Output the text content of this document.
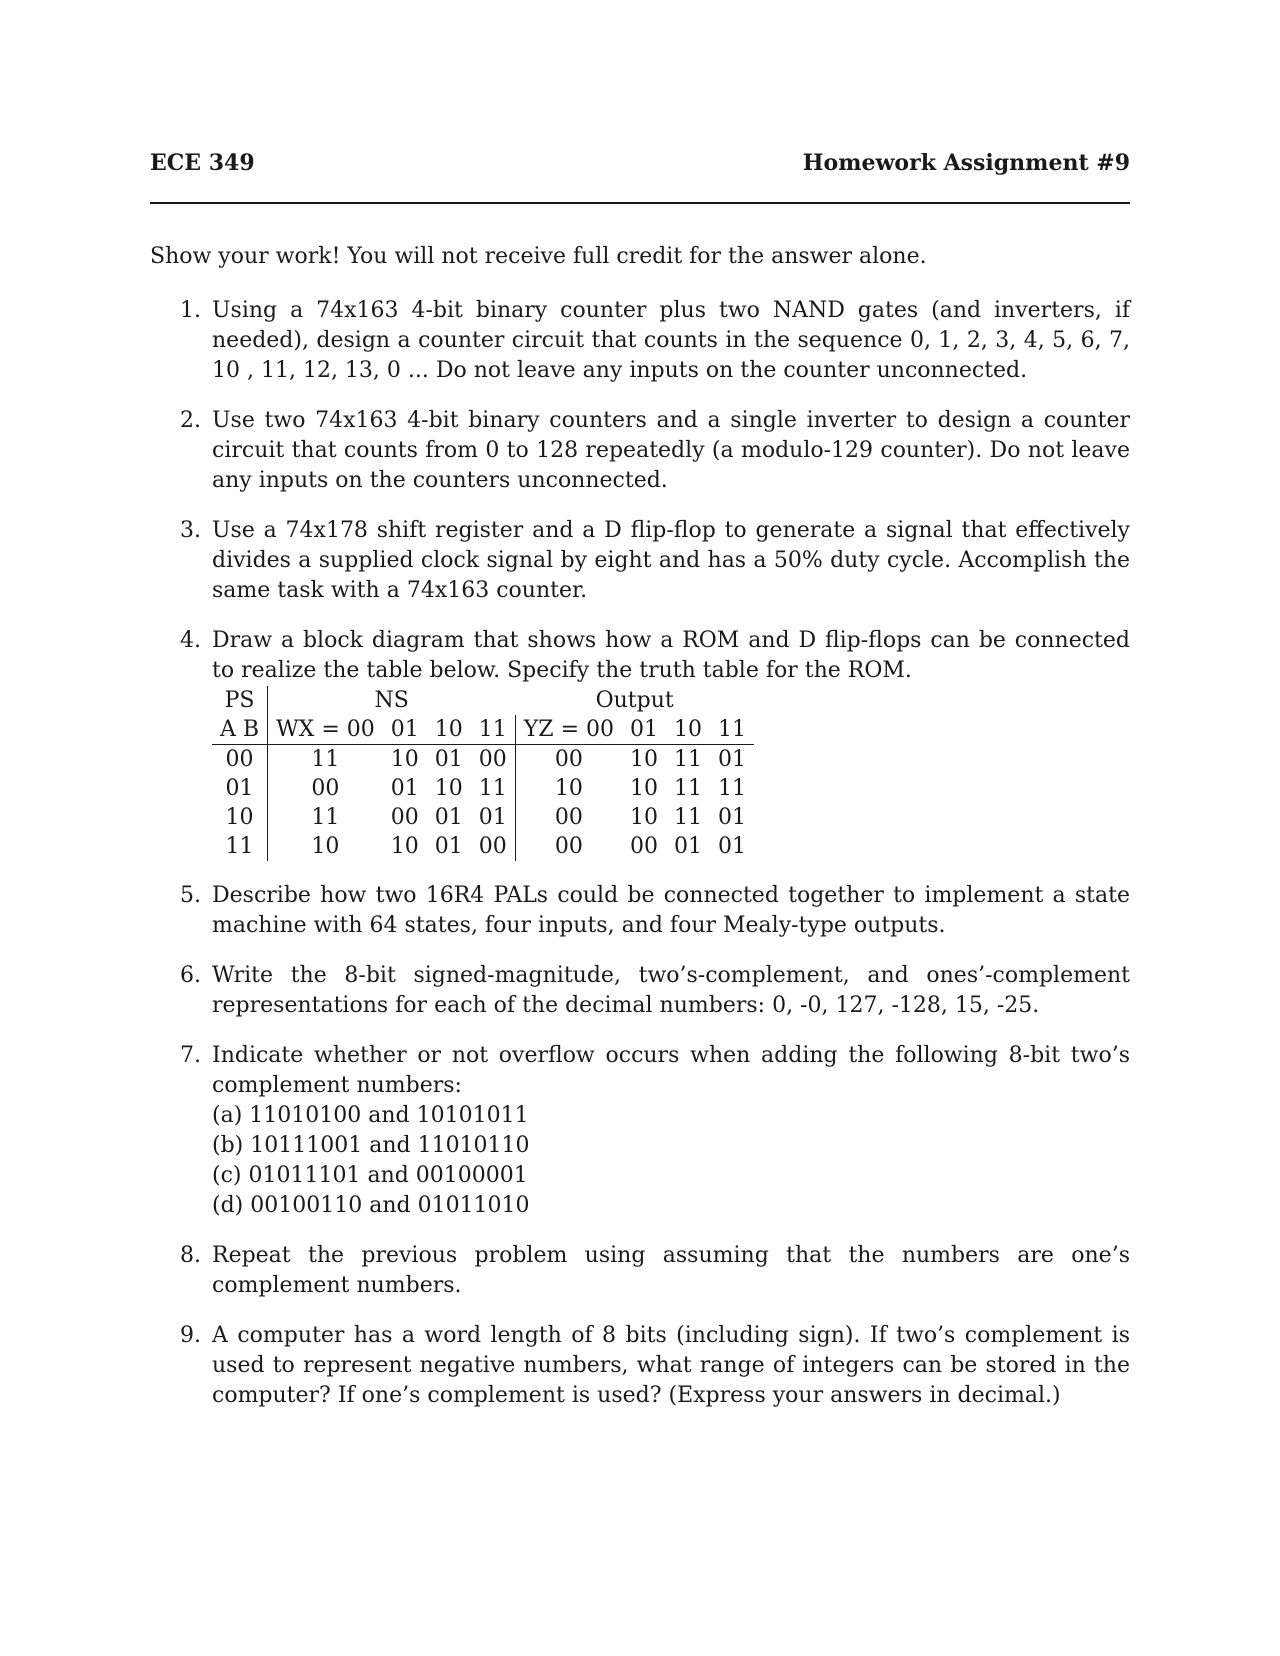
ECE 349	Homework Assignment #9
Show your work! You will not receive full credit for the answer alone.
1. Using a 74x163 4-bit binary counter plus two NAND gates (and inverters, if needed), design a counter circuit that counts in the sequence 0, 1, 2, 3, 4, 5, 6, 7, 10 , 11, 12, 13, 0 ... Do not leave any inputs on the counter unconnected.
2. Use two 74x163 4-bit binary counters and a single inverter to design a counter circuit that counts from 0 to 128 repeatedly (a modulo-129 counter). Do not leave any inputs on the counters unconnected.
3. Use a 74x178 shift register and a D flip-flop to generate a signal that effectively divides a supplied clock signal by eight and has a 50% duty cycle. Accomplish the same task with a 74x163 counter.
4. Draw a block diagram that shows how a ROM and D flip-flops can be connected to realize the table below. Specify the truth table for the ROM.
PS	NS				Output			
A B	WX = 00	01	10	11	YZ = 00	01	10	11
00	11	10	01	00	00	10	11	01
01	00	01	10	11	10	10	11	11
10	11	00	01	01	00	10	11	01
11	10	10	01	00	00	00	01	01
5. Describe how two 16R4 PALs could be connected together to implement a state machine with 64 states, four inputs, and four Mealy-type outputs.
6. Write the 8-bit signed-magnitude, two’s-complement, and ones’-complement representations for each of the decimal numbers: 0, -0, 127, -128, 15, -25.
7. Indicate whether or not overflow occurs when adding the following 8-bit two’s complement numbers:
(a) 11010100 and 10101011
(b) 10111001 and 11010110
(c) 01011101 and 00100001
(d) 00100110 and 01011010
8. Repeat the previous problem using assuming that the numbers are one’s complement numbers.
9. A computer has a word length of 8 bits (including sign). If two’s complement is used to represent negative numbers, what range of integers can be stored in the computer? If one’s complement is used? (Express your answers in decimal.)
